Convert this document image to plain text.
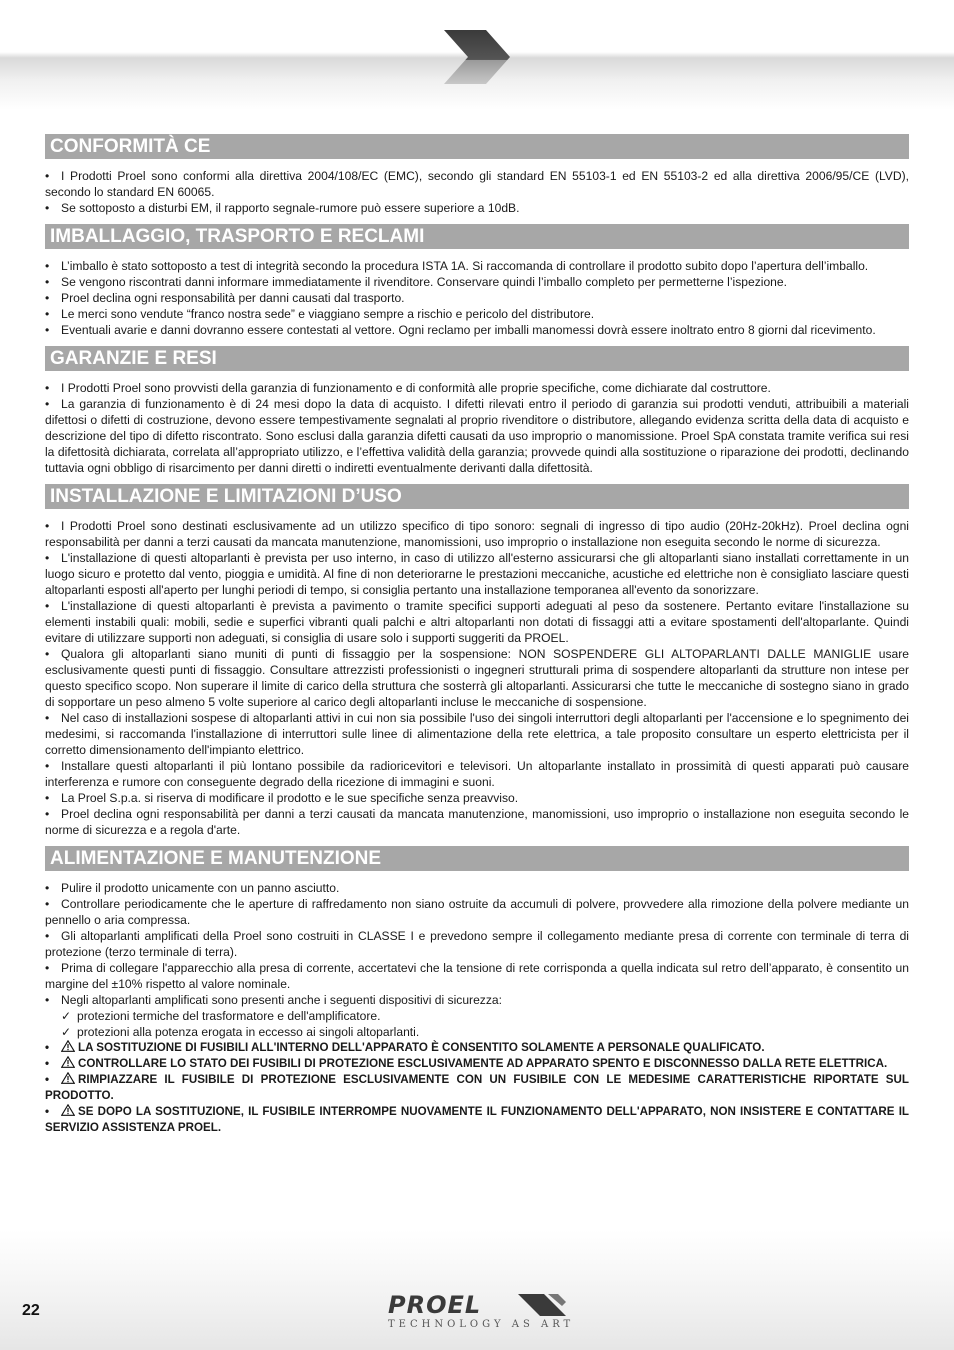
CONFORMITÀ CE

• I Prodotti Proel sono conformi alla direttiva 2004/108/EC (EMC), secondo gli standard EN 55103-1 ed EN 55103-2 ed alla direttiva 2006/95/CE (LVD), secondo lo standard EN 60065.

• Se sottoposto a disturbi EM, il rapporto segnale-rumore può essere superiore a 10dB.

IMBALLAGGIO, TRASPORTO E RECLAMI

• L’imballo è stato sottoposto a test di integrità secondo la procedura ISTA 1A. Si raccomanda di controllare il prodotto subito dopo l’apertura dell’imballo.

• Se vengono riscontrati danni informare immediatamente il rivenditore. Conservare quindi l’imballo completo per permetterne l’ispezione.

• Proel declina ogni responsabilità per danni causati dal trasporto.

• Le merci sono vendute “franco nostra sede” e viaggiano sempre a rischio e pericolo del distributore.

• Eventuali avarie e danni dovranno essere contestati al vettore. Ogni reclamo per imballi manomessi dovrà essere inoltrato entro 8 giorni dal ricevimento.

GARANZIE E RESI

• I Prodotti Proel sono provvisti della garanzia di funzionamento e di conformità alle proprie specifiche, come dichiarate dal costruttore.

• La garanzia di funzionamento è di 24 mesi dopo la data di acquisto. I difetti rilevati entro il periodo di garanzia sui prodotti venduti, attribuibili a materiali difettosi o difetti di costruzione, devono essere tempestivamente segnalati al proprio rivenditore o distributore, allegando evidenza scritta della data di acquisto e descrizione del tipo di difetto riscontrato. Sono esclusi dalla garanzia difetti causati da uso improprio o manomissione. Proel SpA constata tramite verifica sui resi la difettosità dichiarata, correlata all’appropriato utilizzo, e l’effettiva validità della garanzia; provvede quindi alla sostituzione o riparazione dei prodotti, declinando tuttavia ogni obbligo di risarcimento per danni diretti o indiretti eventualmente derivanti dalla difettosità.

INSTALLAZIONE E LIMITAZIONI D’USO

• I Prodotti Proel sono destinati esclusivamente ad un utilizzo specifico di tipo sonoro: segnali di ingresso di tipo audio (20Hz-20kHz). Proel declina ogni responsabilità per danni a terzi causati da mancata manutenzione, manomissioni, uso improprio o installazione non eseguita secondo le norme di sicurezza.

• L'installazione di questi altoparlanti è prevista per uso interno, in caso di utilizzo all'esterno assicurarsi che gli altoparlanti siano installati correttamente in un luogo sicuro e protetto dal vento, pioggia e umidità. Al fine di non deteriorarne le prestazioni meccaniche, acustiche ed elettriche non è consigliato lasciare questi altoparlanti esposti all'aperto per lunghi periodi di tempo, si consiglia pertanto una installazione temporanea all'evento da sonorizzare.

• L'installazione di questi altoparlanti è prevista a pavimento o tramite specifici supporti adeguati al peso da sostenere. Pertanto evitare l'installazione su elementi instabili quali: mobili, sedie e superfici vibranti quali palchi e altri altoparlanti non dotati di fissaggi atti a evitare spostamenti dell'altoparlante. Quindi evitare di utilizzare supporti non adeguati, si consiglia di usare solo i supporti suggeriti da PROEL.

• Qualora gli altoparlanti siano muniti di punti di fissaggio per la sospensione: NON SOSPENDERE GLI ALTOPARLANTI DALLE MANIGLIE usare esclusivamente questi punti di fissaggio. Consultare attrezzisti professionisti o ingegneri strutturali prima di sospendere altoparlanti da strutture non intese per questo specifico scopo. Non superare il limite di carico della struttura che sosterrà gli altoparlanti. Assicurarsi che tutte le meccaniche di sostegno siano in grado di sopportare un peso almeno 5 volte superiore al carico degli altoparlanti incluse le meccaniche di sospensione.

• Nel caso di installazioni sospese di altoparlanti attivi in cui non sia possibile l'uso dei singoli interruttori degli altoparlanti per l'accensione e lo spegnimento dei medesimi, si raccomanda l'installazione di interruttori sulle linee di alimentazione della rete elettrica, a tale proposito consultare un esperto elettricista per il corretto dimensionamento dell'impianto elettrico.

• Installare questi altoparlanti il più lontano possibile da radioricevitori e televisori. Un altoparlante installato in prossimità di questi apparati può causare interferenza e rumore con conseguente degrado della ricezione di immagini e suoni.

• La Proel S.p.a. si riserva di modificare il prodotto e le sue specifiche senza preavviso.

• Proel declina ogni responsabilità per danni a terzi causati da mancata manutenzione, manomissioni, uso improprio o installazione non eseguita secondo le norme di sicurezza e a regola d'arte.

ALIMENTAZIONE E MANUTENZIONE

• Pulire il prodotto unicamente con un panno asciutto.

• Controllare periodicamente che le aperture di raffredamento non siano ostruite da accumuli di polvere, provvedere alla rimozione della polvere mediante un pennello o aria compressa.

• Gli altoparlanti amplificati della Proel sono costruiti in CLASSE I e prevedono sempre il collegamento mediante presa di corrente con terminale di terra di protezione (terzo terminale di terra).

• Prima di collegare l'apparecchio alla presa di corrente, accertatevi che la tensione di rete corrisponda a quella indicata sul retro dell’apparato, è consentito un margine del ±10% rispetto al valore nominale.

• Negli altoparlanti amplificati sono presenti anche i seguenti dispositivi di sicurezza:

✓ protezioni termiche del trasformatore e dell'amplificatore.
✓ protezioni alla potenza erogata in eccesso ai singoli altoparlanti.

• LA SOSTITUZIONE DI FUSIBILI ALL'INTERNO DELL'APPARATO È CONSENTITO SOLAMENTE A PERSONALE QUALIFICATO.

• CONTROLLARE LO STATO DEI FUSIBILI DI PROTEZIONE ESCLUSIVAMENTE AD APPARATO SPENTO E DISCONNESSO DALLA RETE ELETTRICA.

• RIMPIAZZARE IL FUSIBILE DI PROTEZIONE ESCLUSIVAMENTE CON UN FUSIBILE CON LE MEDESIME CARATTERISTICHE RIPORTATE SUL PRODOTTO.

• SE DOPO LA SOSTITUZIONE, IL FUSIBILE INTERROMPE NUOVAMENTE IL FUNZIONAMENTO DELL'APPARATO, NON INSISTERE E CONTATTARE IL SERVIZIO ASSISTENZA PROEL.

22	PROEL
TECHNOLOGY AS ART
